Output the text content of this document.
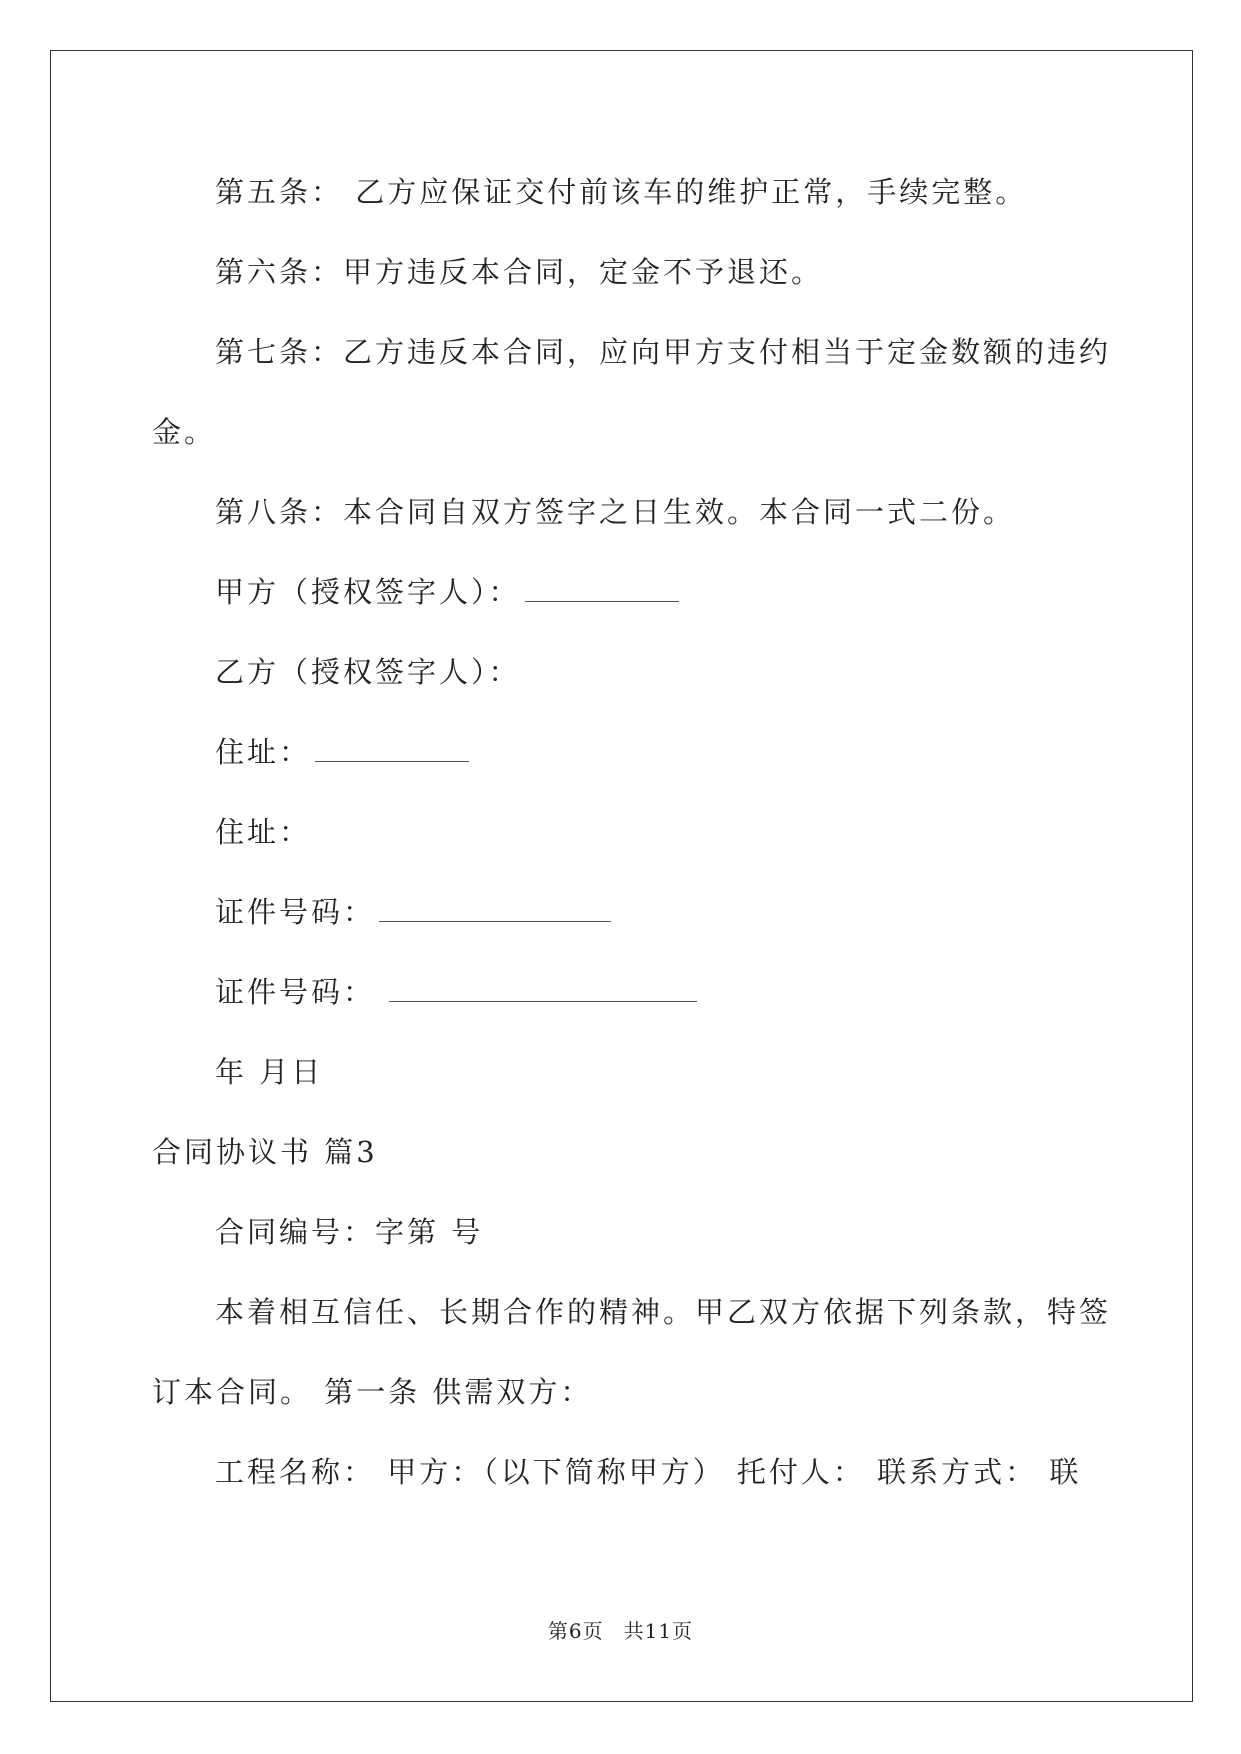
第五条： 乙方应保证交付前该车的维护正常，手续完整。
第六条：甲方违反本合同，定金不予退还。
第七条：乙方违反本合同，应向甲方支付相当于定金数额的违约
金。
第八条：本合同自双方签字之日生效。本合同一式二份。
甲方（授权签字人）：
乙方（授权签字人）：
住址：
住址：
证件号码：
证件号码：
年 月日
合同协议书 篇3
合同编号：字第 号
本着相互信任、长期合作的精神。甲乙双方依据下列条款，特签
订本合同。 第一条 供需双方：
工程名称： 甲方：（以下简称甲方） 托付人： 联系方式： 联
第6页 共11页
